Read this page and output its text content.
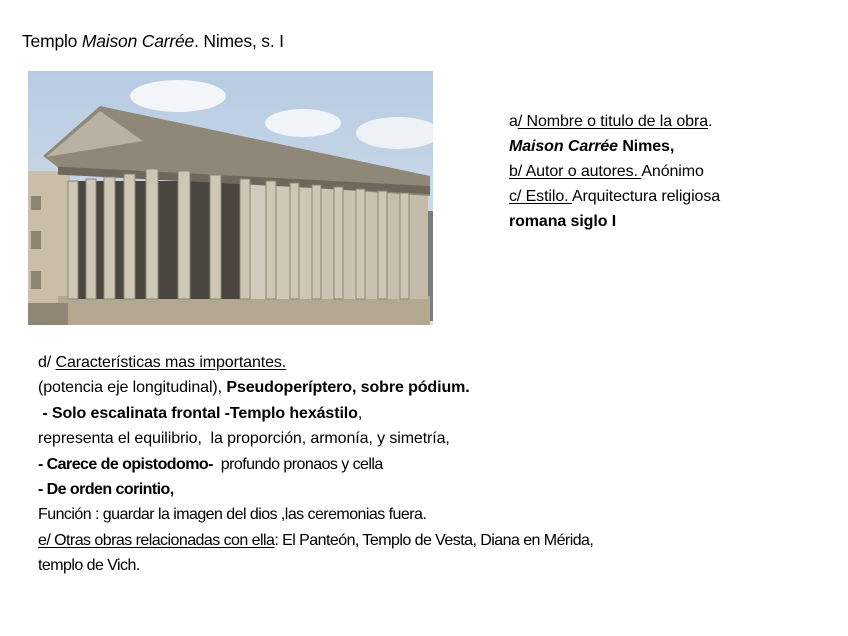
Templo Maison Carrée. Nimes, s. I
a/ Nombre o titulo de la obra.
Maison Carrée Nimes,
b/ Autor o autores. Anónimo
c/ Estilo. Arquitectura religiosa
romana siglo I
d/ Características mas importantes.
(potencia eje longitudinal), Pseudoperíptero, sobre pódium.
- Solo escalinata frontal -Templo hexástilo,
representa el equilibrio,  la proporción, armonía, y simetría,
- Carece de opistodomo-  profundo pronaos y cella
- De orden corintio,
Función : guardar la imagen del dios ,las ceremonias fuera.
e/ Otras obras relacionadas con ella: El Panteón, Templo de Vesta, Diana en Mérida,
templo de Vich.
